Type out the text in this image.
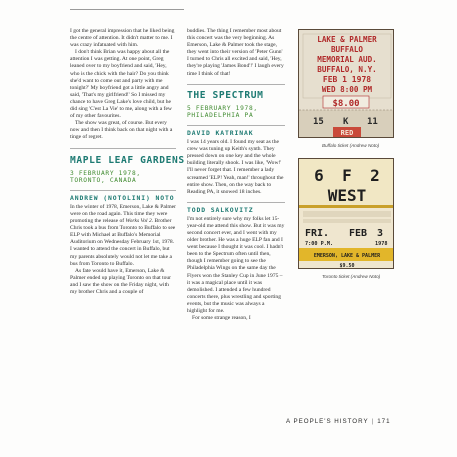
I got the general impression that he liked being the centre of attention. It didn't matter to me. I was crazy infatuated with him.

I don't think Brian was happy about all the attention I was getting. At one point, Greg leaned over to my boyfriend and said, 'Hey, who is the chick with the hair? Do you think she'd want to come out and party with me tonight?' My boyfriend got a little angry and said, 'That's my girlfriend!' So I missed my chance to have Greg Lake's love child, but he did sing 'C'est La Vie' to me, along with a few of my other favourites.

The show was great, of course. But every now and then I think back on that night with a tinge of regret.

MAPLE LEAF GARDENS
3 FEBRUARY 1978,
TORONTO, CANADA
ANDREW (NOTOLINI) NOTO

In the winter of 1978, Emerson, Lake & Palmer were on the road again. This time they were promoting the release of Works Vol 2. Brother Chris took a bus from Toronto to Buffalo to see ELP with Michael at Buffalo's Memorial Auditorium on Wednesday February 1st, 1978. I wanted to attend the concert in Buffalo, but my parents absolutely would not let me take a bus from Toronto to Buffalo.

As fate would have it, Emerson, Lake & Palmer ended up playing Toronto on that tour and I saw the show on the Friday night, with my brother Chris and a couple of

buddies. The thing I remember most about this concert was the very beginning. As Emerson, Lake & Palmer took the stage, they went into their version of 'Peter Gunn' I turned to Chris all excited and said, 'Hey, they're playing 'James Bond'!' I laugh every time I think of that!

THE SPECTRUM
5 FEBRUARY 1978,
PHILADELPHIA PA
DAVID KATRINAK

I was 14 years old. I found my seat as the crew was tuning up Keith's synth. They pressed down on one key and the whole building literally shook. I was like, 'Wow!' I'll never forget that. I remember a lady screamed 'ELP! Yeah, man!' throughout the entire show. Then, on the way back to Reading PA, it snowed 18 inches.

TODD SALKOVITZ

I'm not entirely sure why my folks let 15-year-old me attend this show. But it was my second concert ever, and I went with my older brother. He was a huge ELP fan and I went because I thought it was cool. I hadn't been to the Spectrum often until then, though I remember going to see the Philadelphia Wings on the same day the Flyers won the Stanley Cup in June 1975 – it was a magical place until it was demolished. I attended a few hundred concerts there, plus wrestling and sporting events, but the music was always a highlight for me.

For some strange reason, I

LAKE & PALMER
BUFFALO
MEMORIAL AUD.
BUFFALO, N.Y.
FEB 1 1978
WED 8:00 PM
$8.00
15 K 11
RED
Buffalo ticket (Andrew Noto)
6 F 2
WEST
FRI. FEB 3
7:00 P.M.	1978
EMERSON, LAKE & PALMER
$9.50
Toronto ticket (Andrew Noto)
A PEOPLE'S HISTORY | 171
